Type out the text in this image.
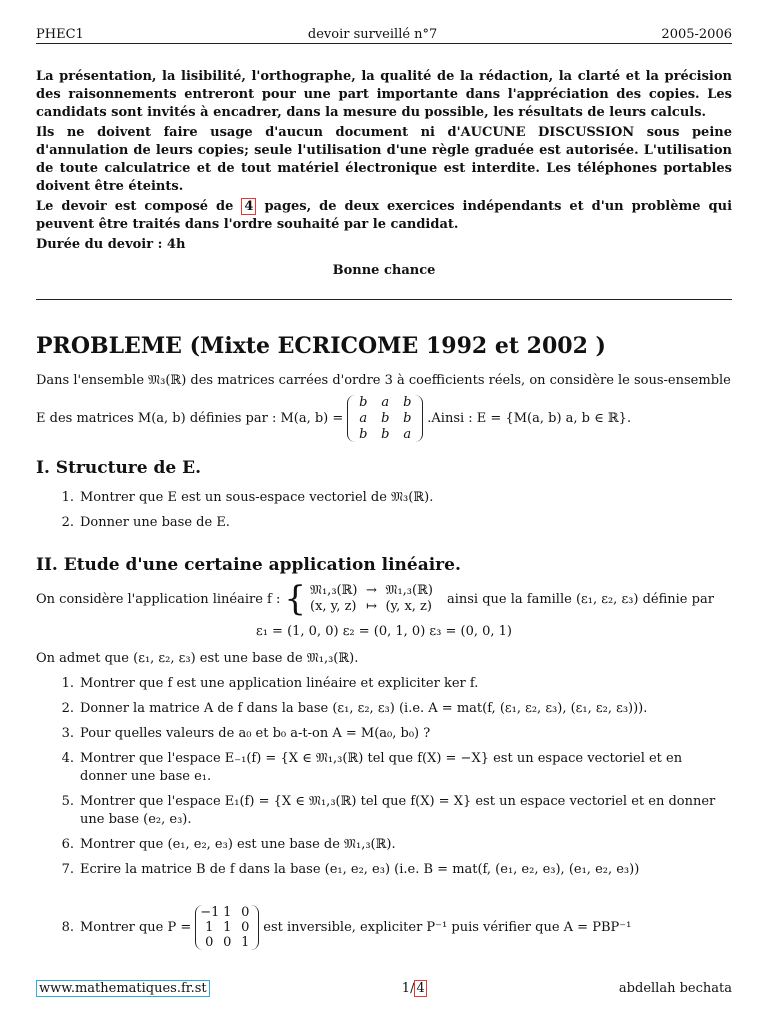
PHEC1	devoir surveillé n°7	2005-2006

La présentation, la lisibilité, l'orthographe, la qualité de la rédaction, la clarté et la précision des raisonnements entreront pour une part importante dans l'appréciation des copies. Les candidats sont invités à encadrer, dans la mesure du possible, les résultats de leurs calculs.

Ils ne doivent faire usage d'aucun document ni d'AUCUNE DISCUSSION sous peine d'annulation de leurs copies; seule l'utilisation d'une règle graduée est autorisée. L'utilisation de toute calculatrice et de tout matériel électronique est interdite. Les téléphones portables doivent être éteints.

Le devoir est composé de 4 pages, de deux exercices indépendants et d'un problème qui peuvent être traités dans l'ordre souhaité par le candidat.

Durée du devoir : 4h

Bonne chance

PROBLEME (Mixte ECRICOME 1992 et 2002 )
Dans l'ensemble 𝔐₃(ℝ) des matrices carrées d'ordre 3 à coefficients réels, on considère le sous-ensemble
E des matrices M(a, b) définies par : M(a, b) =
b	a	b
a	b	b
b	b	a
.Ainsi : E = {M(a, b) a, b ∈ ℝ}.
I. Structure de E.
1. Montrer que E est un sous-espace vectoriel de 𝔐₃(ℝ).
2. Donner une base de E.
II. Etude d'une certaine application linéaire.
On considère l'application linéaire f : { 𝔐₁,₃(ℝ) → 𝔐₁,₃(ℝ)
(x, y, z) ↦ (y, x, z) ainsi que la famille (ε₁, ε₂, ε₃) définie par
ε₁ = (1, 0, 0) ε₂ = (0, 1, 0) ε₃ = (0, 0, 1)
On admet que (ε₁, ε₂, ε₃) est une base de 𝔐₁,₃(ℝ).
1. Montrer que f est une application linéaire et expliciter ker f.
2. Donner la matrice A de f dans la base (ε₁, ε₂, ε₃) (i.e. A = mat(f, (ε₁, ε₂, ε₃), (ε₁, ε₂, ε₃))).
3. Pour quelles valeurs de a₀ et b₀ a-t-on A = M(a₀, b₀) ?
4. Montrer que l'espace E₋₁(f) = {X ∈ 𝔐₁,₃(ℝ) tel que f(X) = −X} est un espace vectoriel et en donner une base e₁.
5. Montrer que l'espace E₁(f) = {X ∈ 𝔐₁,₃(ℝ) tel que f(X) = X} est un espace vectoriel et en donner une base (e₂, e₃).
6. Montrer que (e₁, e₂, e₃) est une base de 𝔐₁,₃(ℝ).
7. Ecrire la matrice B de f dans la base (e₁, e₂, e₃) (i.e. B = mat(f, (e₁, e₂, e₃), (e₁, e₂, e₃))
8. Montrer que P =
−1 1 0
1 1 0
0 0 1
est inversible, expliciter P⁻¹ puis vérifier que A = PBP⁻¹
www.mathematiques.fr.st	1/ 4	abdellah bechata
